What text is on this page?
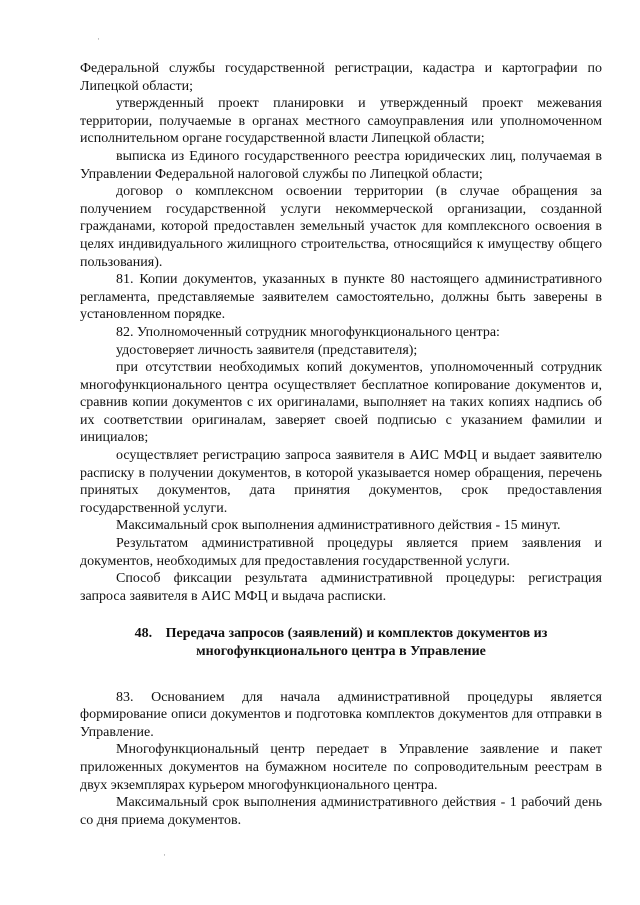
·
·

Федеральной службы государственной регистрации, кадастра и картографии по Липецкой области;

утвержденный проект планировки и утвержденный проект межевания территории, получаемые в органах местного самоуправления или уполномоченном исполнительном органе государственной власти Липецкой области;

выписка из Единого государственного реестра юридических лиц, получаемая в Управлении Федеральной налоговой службы по Липецкой области;

договор о комплексном освоении территории (в случае обращения за получением государственной услуги некоммерческой организации, созданной гражданами, которой предоставлен земельный участок для комплексного освоения в целях индивидуального жилищного строительства, относящийся к имуществу общего пользования).

81. Копии документов, указанных в пункте 80 настоящего административного регламента, представляемые заявителем самостоятельно, должны быть заверены в установленном порядке.

82. Уполномоченный сотрудник многофункционального центра:

удостоверяет личность заявителя (представителя);

при отсутствии необходимых копий документов, уполномоченный сотрудник многофункционального центра осуществляет бесплатное копирование документов и, сравнив копии документов с их оригиналами, выполняет на таких копиях надпись об их соответствии оригиналам, заверяет своей подписью с указанием фамилии и инициалов;

осуществляет регистрацию запроса заявителя в АИС МФЦ и выдает заявителю расписку в получении документов, в которой указывается номер обращения, перечень принятых документов, дата принятия документов, срок предоставления государственной услуги.

Максимальный срок выполнения административного действия - 15 минут.

Результатом административной процедуры является прием заявления и документов, необходимых для предоставления государственной услуги.

Способ фиксации результата административной процедуры: регистрация запроса заявителя в АИС МФЦ и выдача расписки.

48. Передача запросов (заявлений) и комплектов документов из многофункционального центра в Управление

83. Основанием для начала административной процедуры является формирование описи документов и подготовка комплектов документов для отправки в Управление.

Многофункциональный центр передает в Управление заявление и пакет приложенных документов на бумажном носителе по сопроводительным реестрам в двух экземплярах курьером многофункционального центра.

Максимальный срок выполнения административного действия - 1 рабочий день со дня приема документов.
